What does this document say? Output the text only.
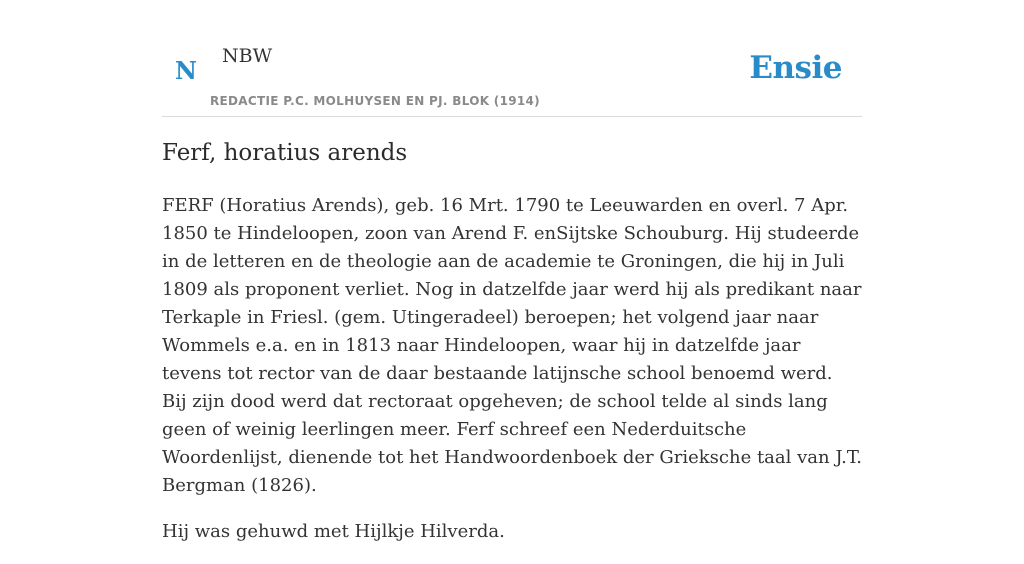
N	NBW
REDACTIE P.C. MOLHUYSEN EN PJ. BLOK (1914)
Ensie
Ferf, horatius arends

FERF (Horatius Arends), geb. 16 Mrt. 1790 te Leeuwarden en overl. 7 Apr. 1850 te Hindeloopen, zoon van Arend F. enSijtske Schouburg. Hij studeerde in de letteren en de theologie aan de academie te Groningen, die hij in Juli 1809 als proponent verliet. Nog in datzelfde jaar werd hij als predikant naar Terkaple in Friesl. (gem. Utingeradeel) beroepen; het volgend jaar naar Wommels e.a. en in 1813 naar Hindeloopen, waar hij in datzelfde jaar tevens tot rector van de daar bestaande latijnsche school benoemd werd. Bij zijn dood werd dat rectoraat opgeheven; de school telde al sinds lang geen of weinig leerlingen meer. Ferf schreef een Nederduitsche Woordenlijst, dienende tot het Handwoordenboek der Grieksche taal van J.T. Bergman (1826).

Hij was gehuwd met Hijlkje Hilverda.
